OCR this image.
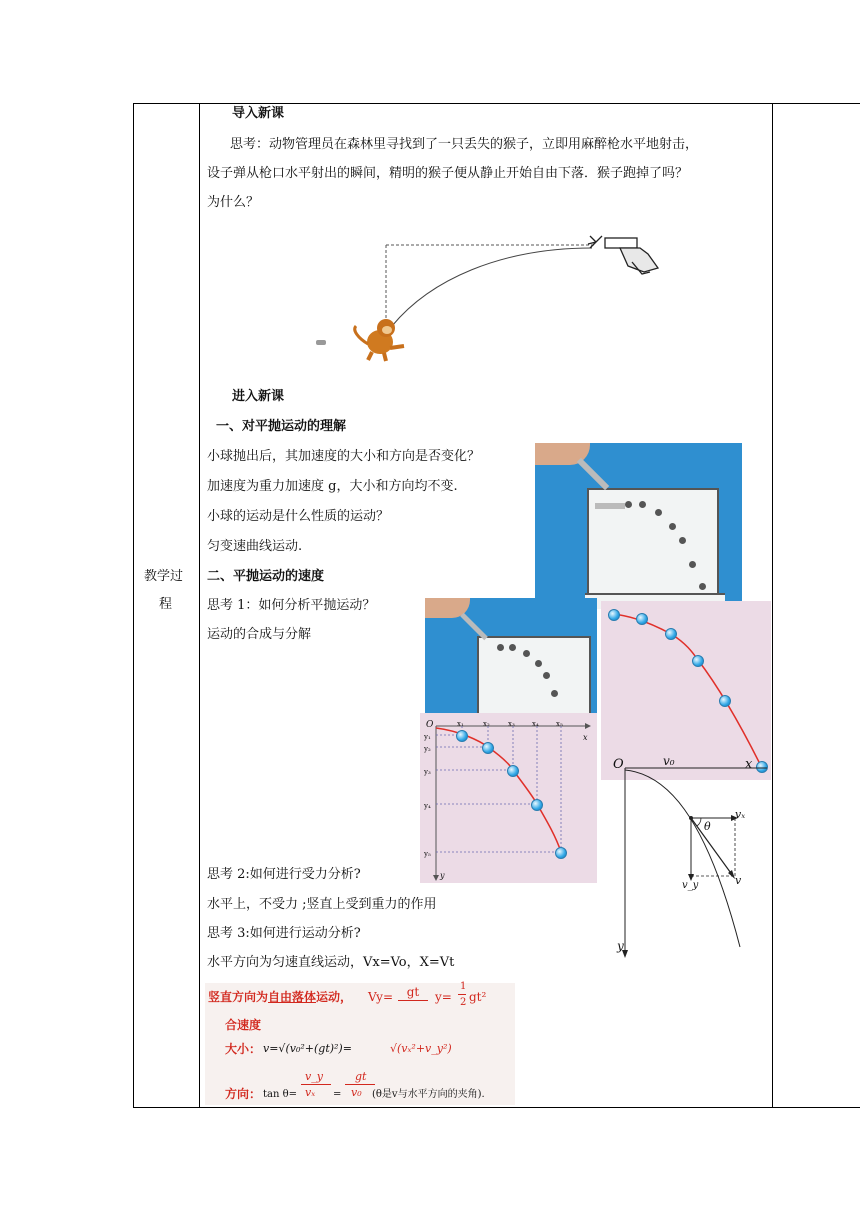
教学过
程
导入新课
思考：动物管理员在森林里寻找到了一只丢失的猴子，立即用麻醉枪水平地射击，
设子弹从枪口水平射出的瞬间，精明的猴子便从静止开始自由下落．猴子跑掉了吗？
为什么？
进入新课
一、对平抛运动的理解
小球抛出后，其加速度的大小和方向是否变化？
加速度为重力加速度 g，大小和方向均不变.
小球的运动是什么性质的运动？
匀变速曲线运动.
二、平抛运动的速度
思考 1：如何分析平抛运动？
运动的合成与分解
O	x₁	x₂	x₃ x₄ x₅
x
y₁
y₂
y₃
y₄
y₅
y
O	v₀	x
vₓ
θ
v_y	v
y
思考 2:如何进行受力分析?
水平上，不受力 ;竖直上受到重力的作用
思考 3:如何进行运动分析?
水平方向为匀速直线运动，Vx=Vo，X=Vt
竖直方向为自由落体运动， Vy=	gt	y=
1
2 gt²
合速度
大小： v=√(v₀²+(gt)²)=	√(vₓ²+v_y²)
方向： tan θ=
v_y
vₓ =
gt
v₀ (θ是v与水平方向的夹角).
